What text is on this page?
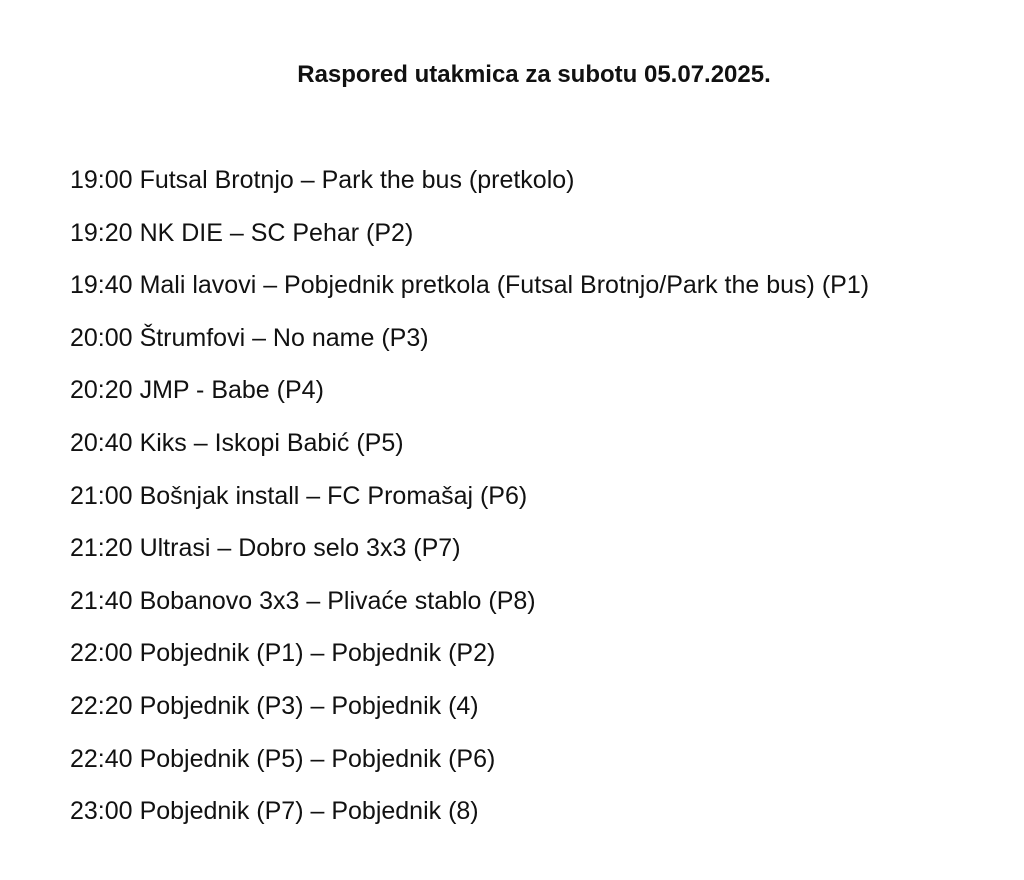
Raspored utakmica za subotu 05.07.2025.
19:00 Futsal Brotnjo – Park the bus (pretkolo)
19:20 NK DIE – SC Pehar (P2)
19:40 Mali lavovi – Pobjednik pretkola (Futsal Brotnjo/Park the bus) (P1)
20:00 Štrumfovi – No name (P3)
20:20 JMP - Babe (P4)
20:40 Kiks – Iskopi Babić (P5)
21:00 Bošnjak install – FC Promašaj (P6)
21:20 Ultrasi – Dobro selo 3x3 (P7)
21:40 Bobanovo 3x3 – Plivaće stablo (P8)
22:00 Pobjednik (P1) – Pobjednik (P2)
22:20 Pobjednik (P3) – Pobjednik (4)
22:40 Pobjednik (P5) – Pobjednik (P6)
23:00 Pobjednik (P7) – Pobjednik (8)
